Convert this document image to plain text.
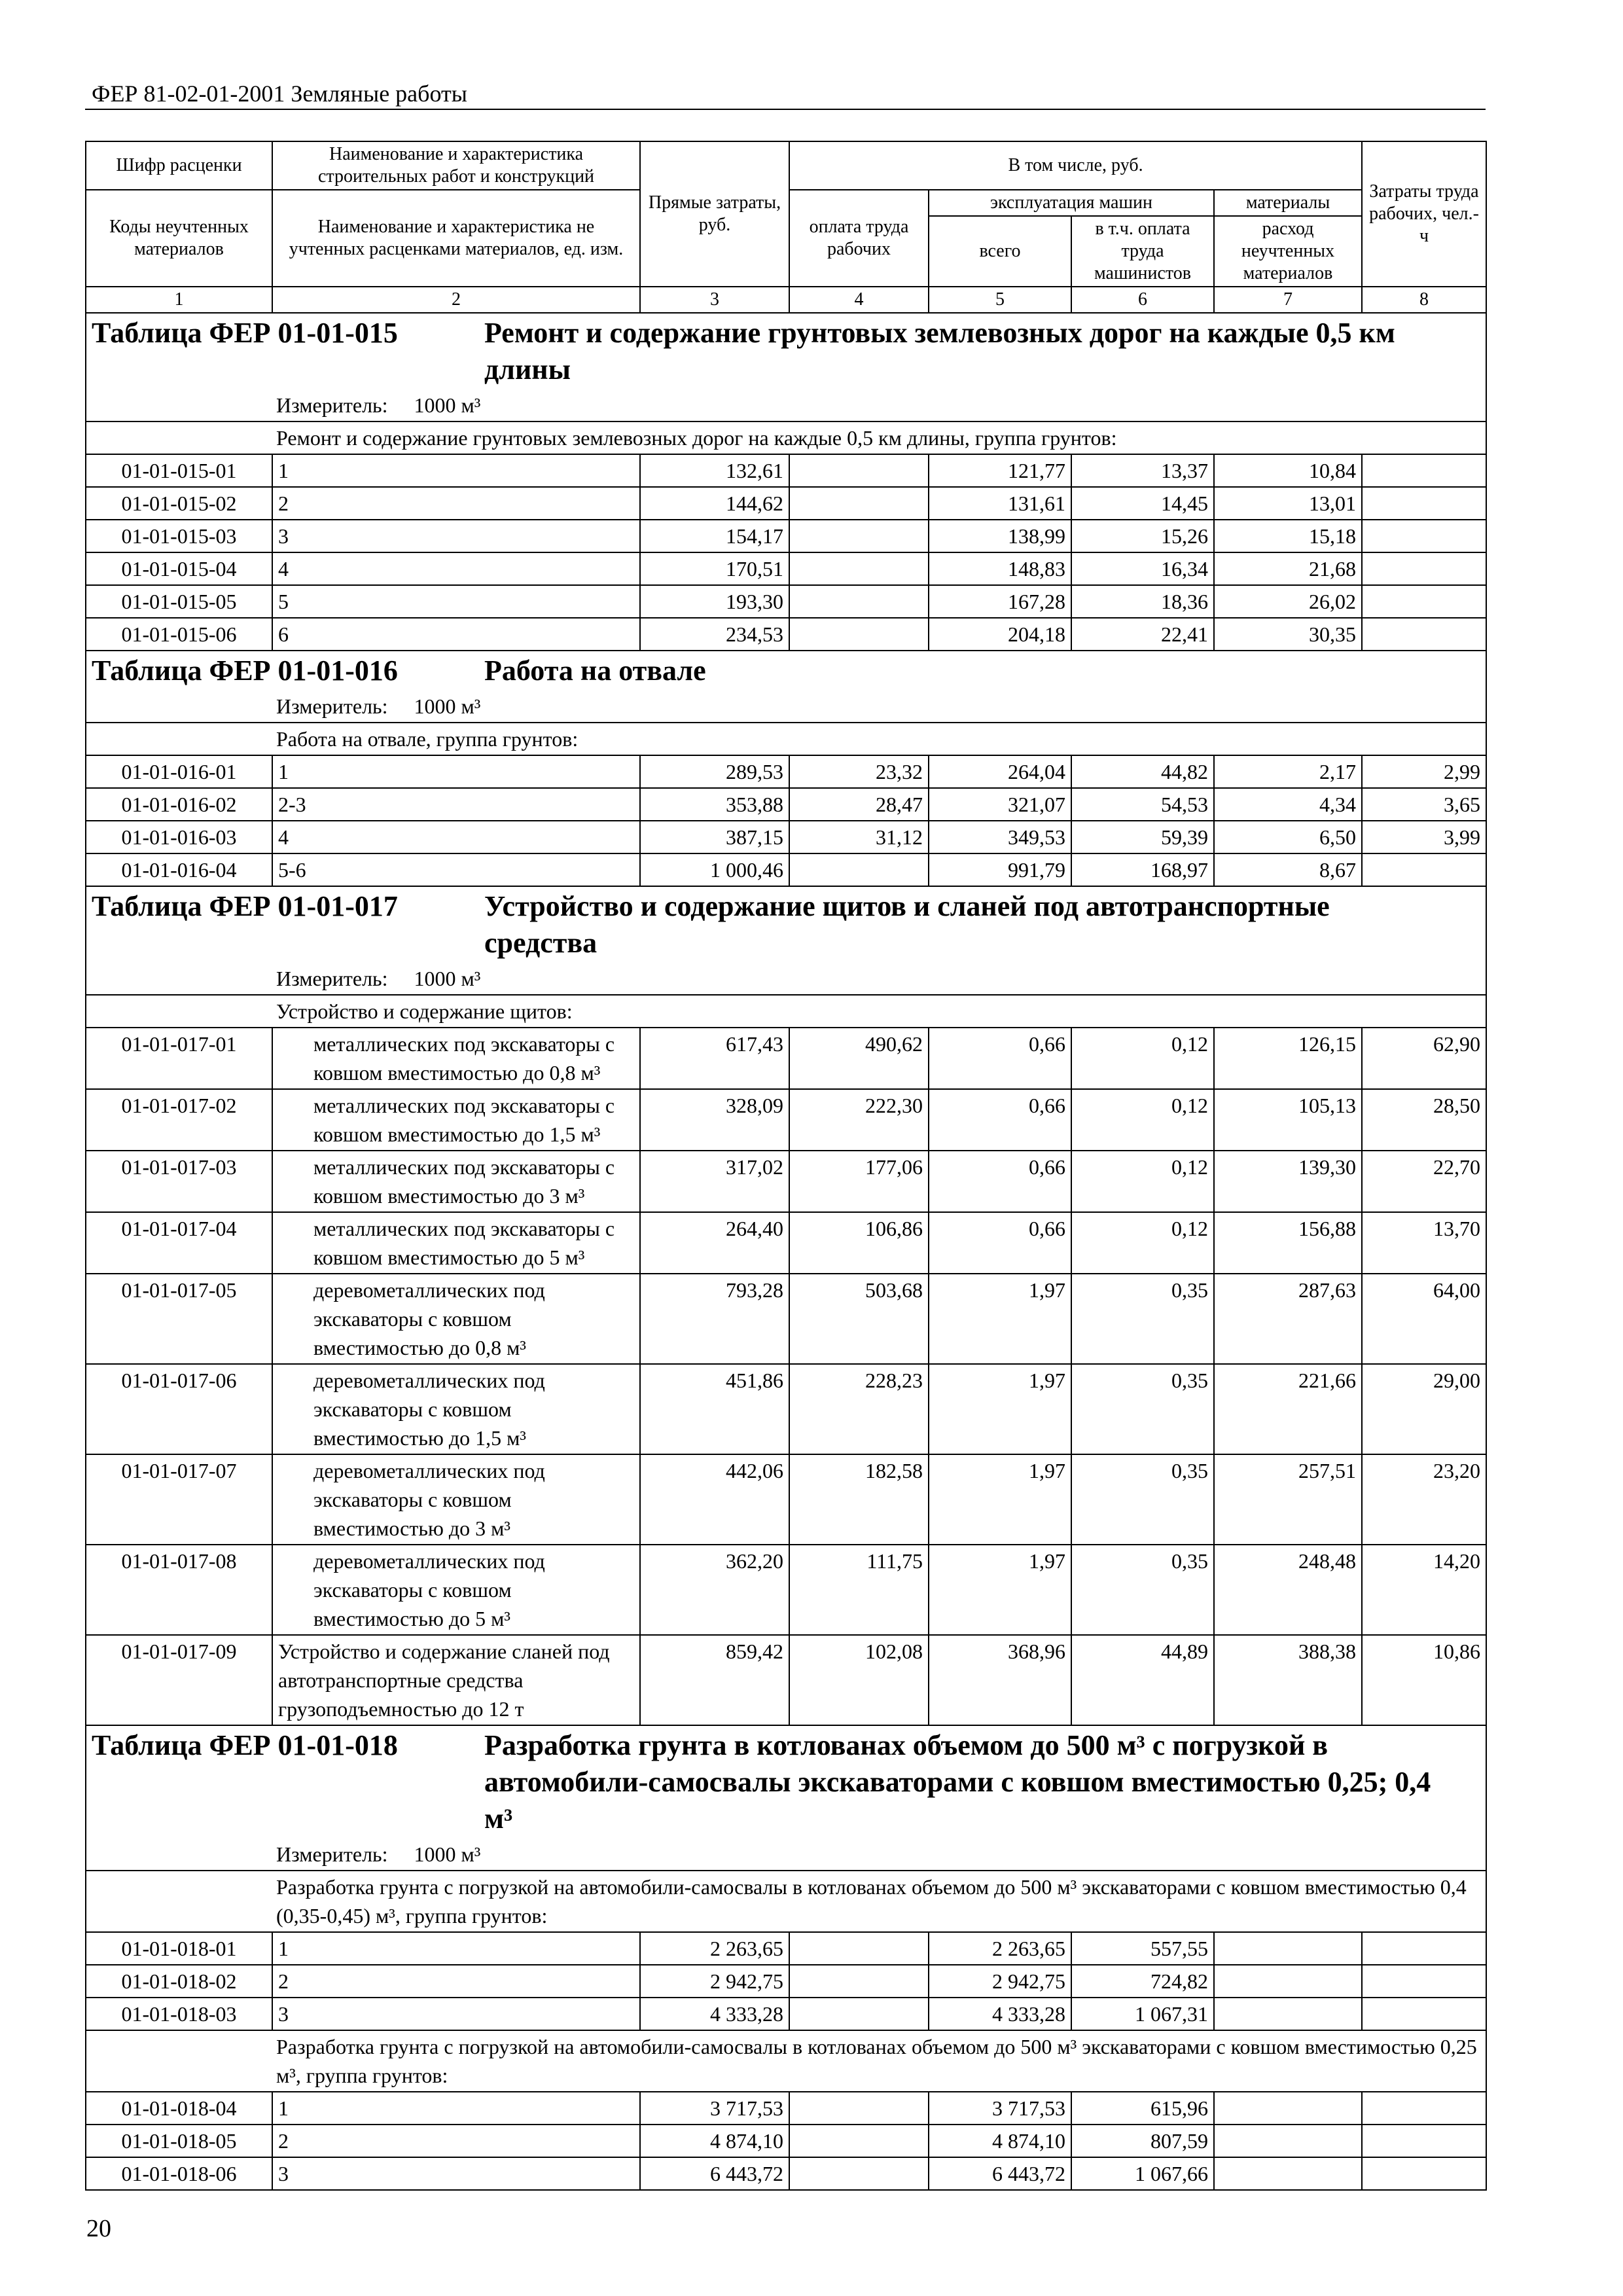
ФЕР 81-02-01-2001 Земляные работы
Шифр расценки	Наименование и характеристика строительных работ и конструкций	Прямые затраты, руб.	В том числе, руб.				Затраты труда рабочих, чел.-ч
Коды неучтенных материалов	Наименование и характеристика не учтенных расценками материалов, ед. изм.		оплата труда рабочих	эксплуатация машин		материалы	
				всего	в т.ч. оплата труда машинистов	расход неучтенных материалов	
1	2	3	4	5	6	7	8
Таблица ФЕР 01-01-015 Ремонт и содержание грунтовых землевозных дорог на каждые 0,5 км длины							
Измеритель: 1000 м³							
Ремонт и содержание грунтовых землевозных дорог на каждые 0,5 км длины, группа грунтов:							
01-01-015-01	1	132,61		121,77	13,37	10,84	
01-01-015-02	2	144,62		131,61	14,45	13,01	
01-01-015-03	3	154,17		138,99	15,26	15,18	
01-01-015-04	4	170,51		148,83	16,34	21,68	
01-01-015-05	5	193,30		167,28	18,36	26,02	
01-01-015-06	6	234,53		204,18	22,41	30,35	
Таблица ФЕР 01-01-016 Работа на отвале							
Измеритель: 1000 м³							
Работа на отвале, группа грунтов:							
01-01-016-01	1	289,53	23,32	264,04	44,82	2,17	2,99
01-01-016-02	2-3	353,88	28,47	321,07	54,53	4,34	3,65
01-01-016-03	4	387,15	31,12	349,53	59,39	6,50	3,99
01-01-016-04	5-6	1 000,46		991,79	168,97	8,67	
Таблица ФЕР 01-01-017 Устройство и содержание щитов и сланей под автотранспортные средства							
Измеритель: 1000 м³							
Устройство и содержание щитов:							
01-01-017-01	металлических под экскаваторы с ковшом вместимостью до 0,8 м³	617,43	490,62	0,66	0,12	126,15	62,90
01-01-017-02	металлических под экскаваторы с ковшом вместимостью до 1,5 м³	328,09	222,30	0,66	0,12	105,13	28,50
01-01-017-03	металлических под экскаваторы с ковшом вместимостью до 3 м³	317,02	177,06	0,66	0,12	139,30	22,70
01-01-017-04	металлических под экскаваторы с ковшом вместимостью до 5 м³	264,40	106,86	0,66	0,12	156,88	13,70
01-01-017-05	деревометаллических под экскаваторы с ковшом вместимостью до 0,8 м³	793,28	503,68	1,97	0,35	287,63	64,00
01-01-017-06	деревометаллических под экскаваторы с ковшом вместимостью до 1,5 м³	451,86	228,23	1,97	0,35	221,66	29,00
01-01-017-07	деревометаллических под экскаваторы с ковшом вместимостью до 3 м³	442,06	182,58	1,97	0,35	257,51	23,20
01-01-017-08	деревометаллических под экскаваторы с ковшом вместимостью до 5 м³	362,20	111,75	1,97	0,35	248,48	14,20
01-01-017-09	Устройство и содержание сланей под автотранспортные средства грузоподъемностью до 12 т	859,42	102,08	368,96	44,89	388,38	10,86
Таблица ФЕР 01-01-018 Разработка грунта в котлованах объемом до 500 м³ с погрузкой в автомобили-самосвалы экскаваторами с ковшом вместимостью 0,25; 0,4 м³							
Измеритель: 1000 м³							
Разработка грунта с погрузкой на автомобили-самосвалы в котлованах объемом до 500 м³ экскаваторами с ковшом вместимостью 0,4 (0,35-0,45) м³, группа грунтов:							
01-01-018-01	1	2 263,65		2 263,65	557,55		
01-01-018-02	2	2 942,75		2 942,75	724,82		
01-01-018-03	3	4 333,28		4 333,28	1 067,31		
Разработка грунта с погрузкой на автомобили-самосвалы в котлованах объемом до 500 м³ экскаваторами с ковшом вместимостью 0,25 м³, группа грунтов:							
01-01-018-04	1	3 717,53		3 717,53	615,96		
01-01-018-05	2	4 874,10		4 874,10	807,59		
01-01-018-06	3	6 443,72		6 443,72	1 067,66		
20
